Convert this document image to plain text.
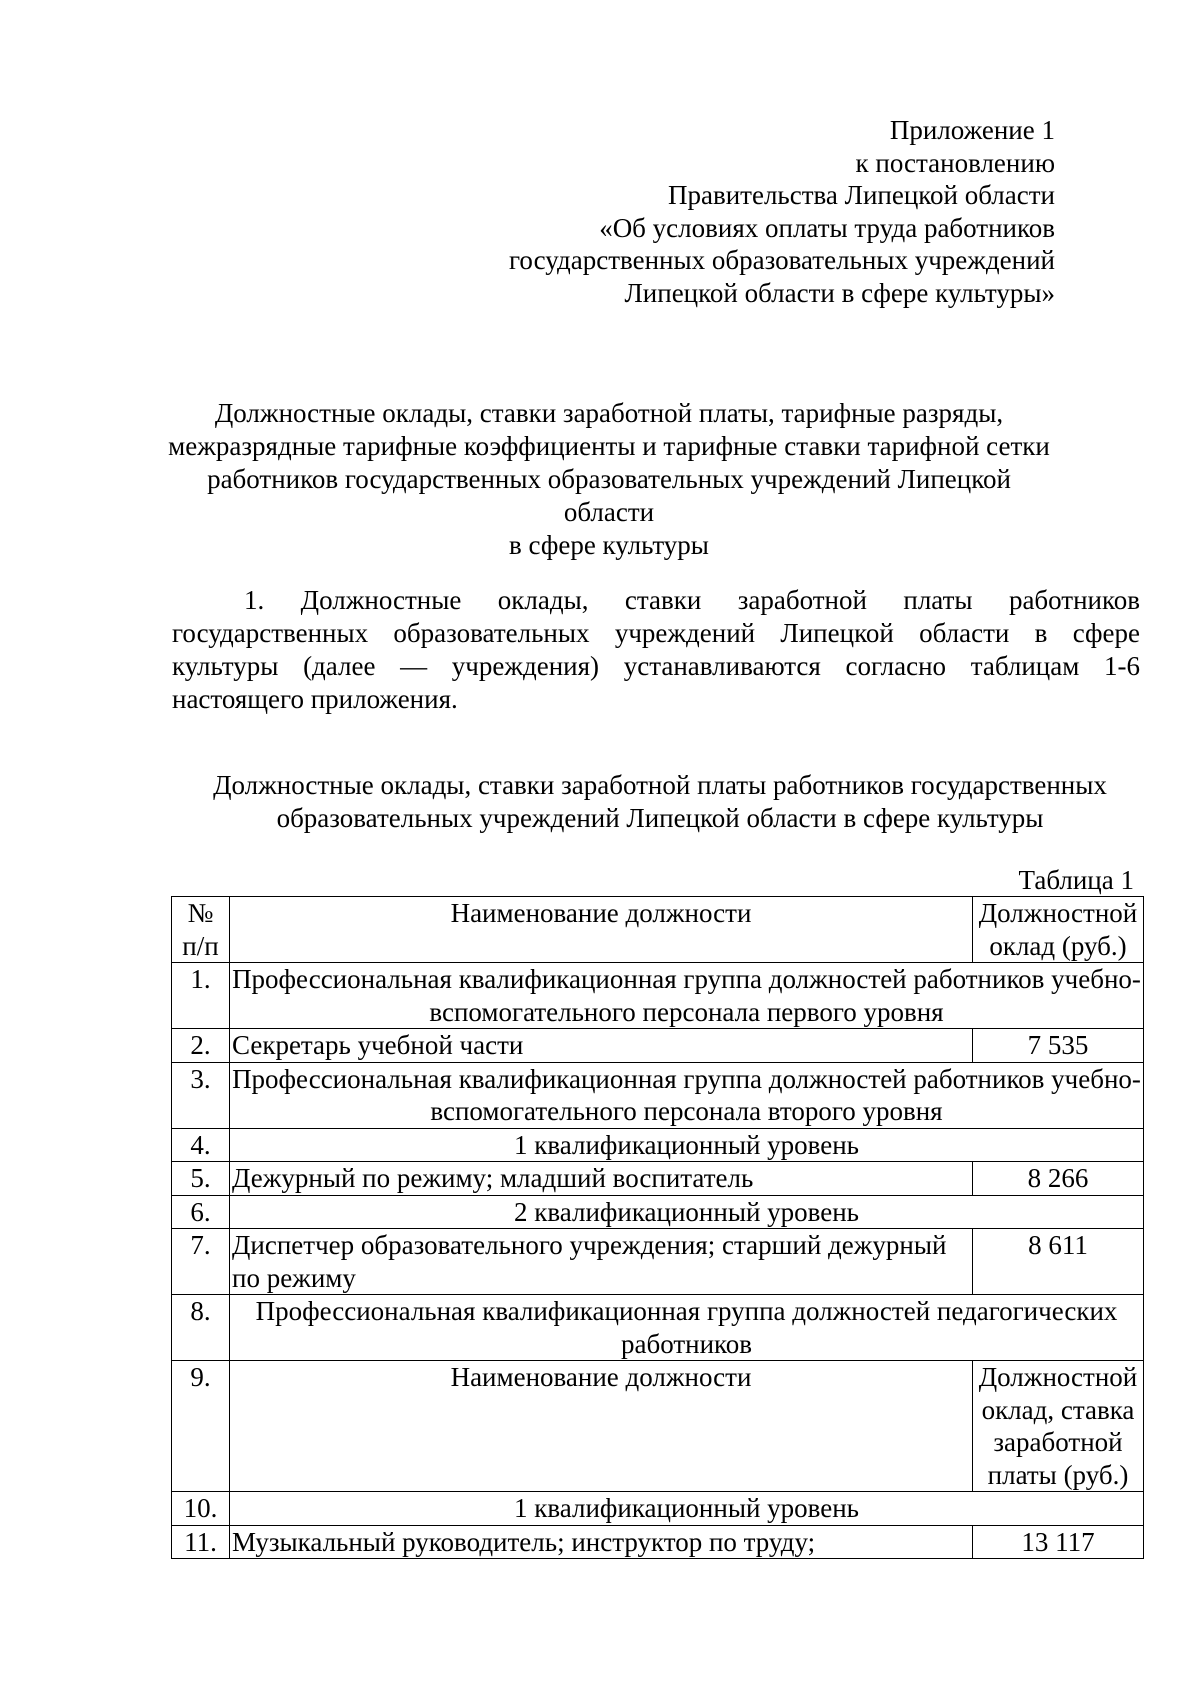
Приложение 1
к постановлению
Правительства Липецкой области
«Об условиях оплаты труда работников
государственных образовательных учреждений
Липецкой области в сфере культуры»
Должностные оклады, ставки заработной платы, тарифные разряды,
межразрядные тарифные коэффициенты и тарифные ставки тарифной сетки
работников государственных образовательных учреждений Липецкой области
в сфере культуры
1. Должностные оклады, ставки заработной платы работников государственных образовательных учреждений Липецкой области в сфере культуры (далее — учреждения) устанавливаются согласно таблицам 1-6 настоящего приложения.
Должностные оклады, ставки заработной платы работников государственных
образовательных учреждений Липецкой области в сфере культуры
Таблица 1
№ п/п	Наименование должности	Должностной оклад (руб.)
1.	Профессиональная квалификационная группа должностей работников учебно-вспомогательного персонала первого уровня	
2.	Секретарь учебной части	7 535
3.	Профессиональная квалификационная группа должностей работников учебно-вспомогательного персонала второго уровня	
4.	1 квалификационный уровень	
5.	Дежурный по режиму; младший воспитатель	8 266
6.	2 квалификационный уровень	
7.	Диспетчер образовательного учреждения; старший дежурный по режиму	8 611
8.	Профессиональная квалификационная группа должностей педагогических работников	
9.	Наименование должности	Должностной оклад, ставка заработной платы (руб.)
10.	1 квалификационный уровень	
11.	Музыкальный руководитель; инструктор по труду;	13 117
